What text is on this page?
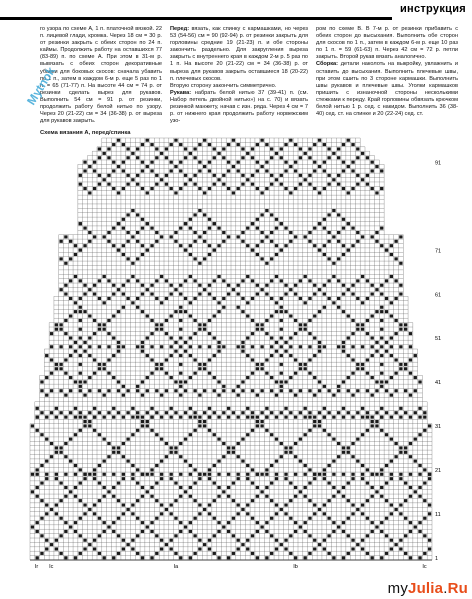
инструкция

го узора по схеме А, 1 п. платочной вязкой. 22 п. лицевой глади, кромка. Через 18 см = 30 р. от резинки закрыть с обеих сторон по 24 п. каймы. Продолжить работу на оставшихся 77 (83-89) п. по схеме А. При этом в 31-м р. вывязать с обеих сторон декоративные убавки для боковых скосов: сначала убавить по 1 п., затем в каждом 6-м р. еще 5 раз по 1 п. = 65 (71-77) п. На высоте 44 см = 74 р. от резинки сделать вырез для рукавов. Выполнить 54 см = 91 р. от резинки, продолжить работу белой нитью по узору. Через 20 (21-22) см = 34 (36-38) р. от выреза для рукавов закрыть.

Перед: вязать, как спинку с кармашками, но через 53 (54-56) см = 90 (92-94) р. от резинки закрыть для горловины средние 19 (21-23) п. и обе стороны закончить раздельно. Для закругления выреза закрыть с внутреннего края в каждом 2-м р. 5 раз по 1 п. На высоте 20 (21-22) см = 34 (36-38) р. от выреза для рукавов закрыть оставшиеся 18 (20-22) п. плечевых скосов.

Вторую сторону закончить симметрично.

Рукава: набрать белой нитью 37 (39-41) п. (см. Набор петель двойной нитью») на с. 70) и вязать резинкой манжету, начав с изн. ряда. Через 4 см = 7 р. от нижнего края продолжить работу норвежским узо-

ром по схеме В. В 7-м р. от резинки прибавить с обеих сторон до высыхания. Выполнить обе сторон для скосов по 1 п., затем в каждом 6-м р. еще 10 раз по 1 п. = 59 (61-63) п. Через 42 см = 72 р. петли закрыть. Второй рукав вязать аналогично.

Сборка: детали наколоть на выкройку, увлажнить и оставить до высыхания. Выполнить плечевые швы, при этом сшить по 3 стороне кармашки. Выполнить швы рукавов и плечевые швы. Уголки кармашков пришить с изнаночной стороны несколькими стежками к переду. Край горловины обвязать крючком белой нитью 1 р. сед. с накидом. Выполнить 36 (38-40) сед. ст. на спинке и 20 (22-24) сед. ст.

Mytnok
Схема вязания А, перед/спинка
91
71
61
51
41
31
21
11
1
Ir Ic	Ia	Ib	Ic
myJulia.Ru
